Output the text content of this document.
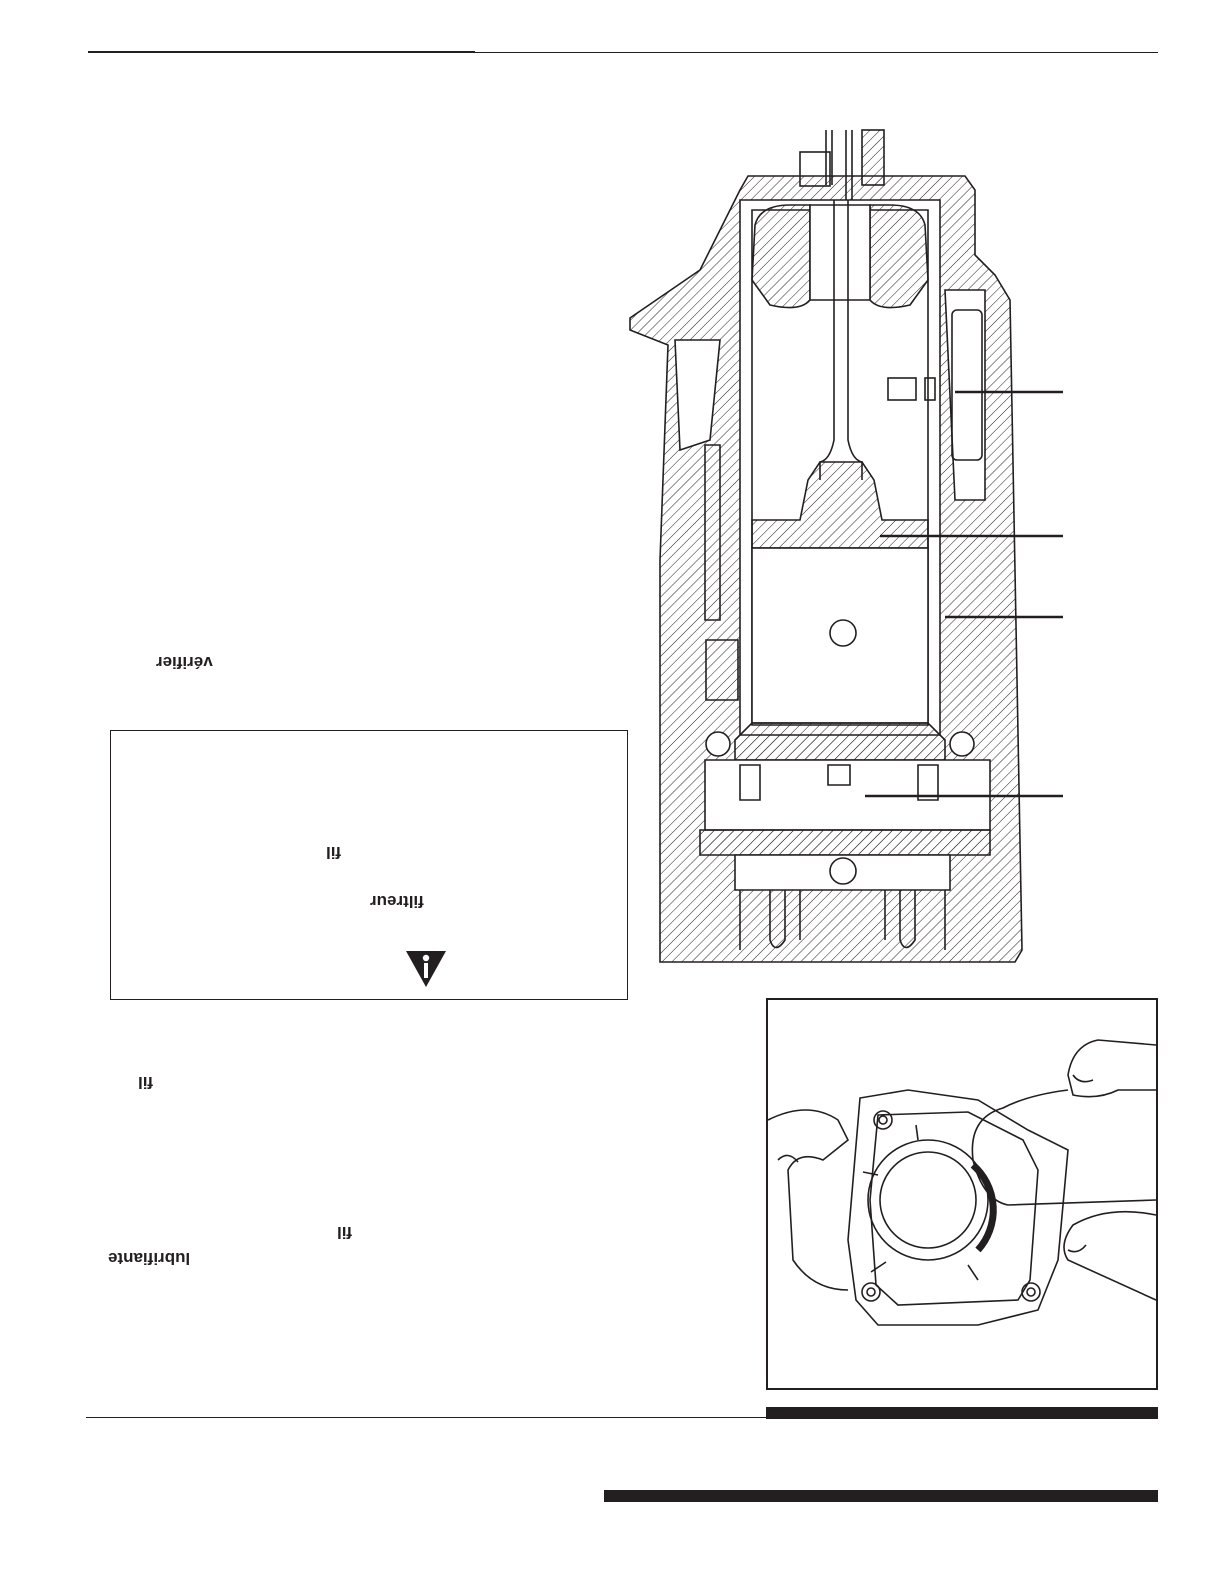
vérifier
fil
filtreur
fil
fil
lubrifiante
